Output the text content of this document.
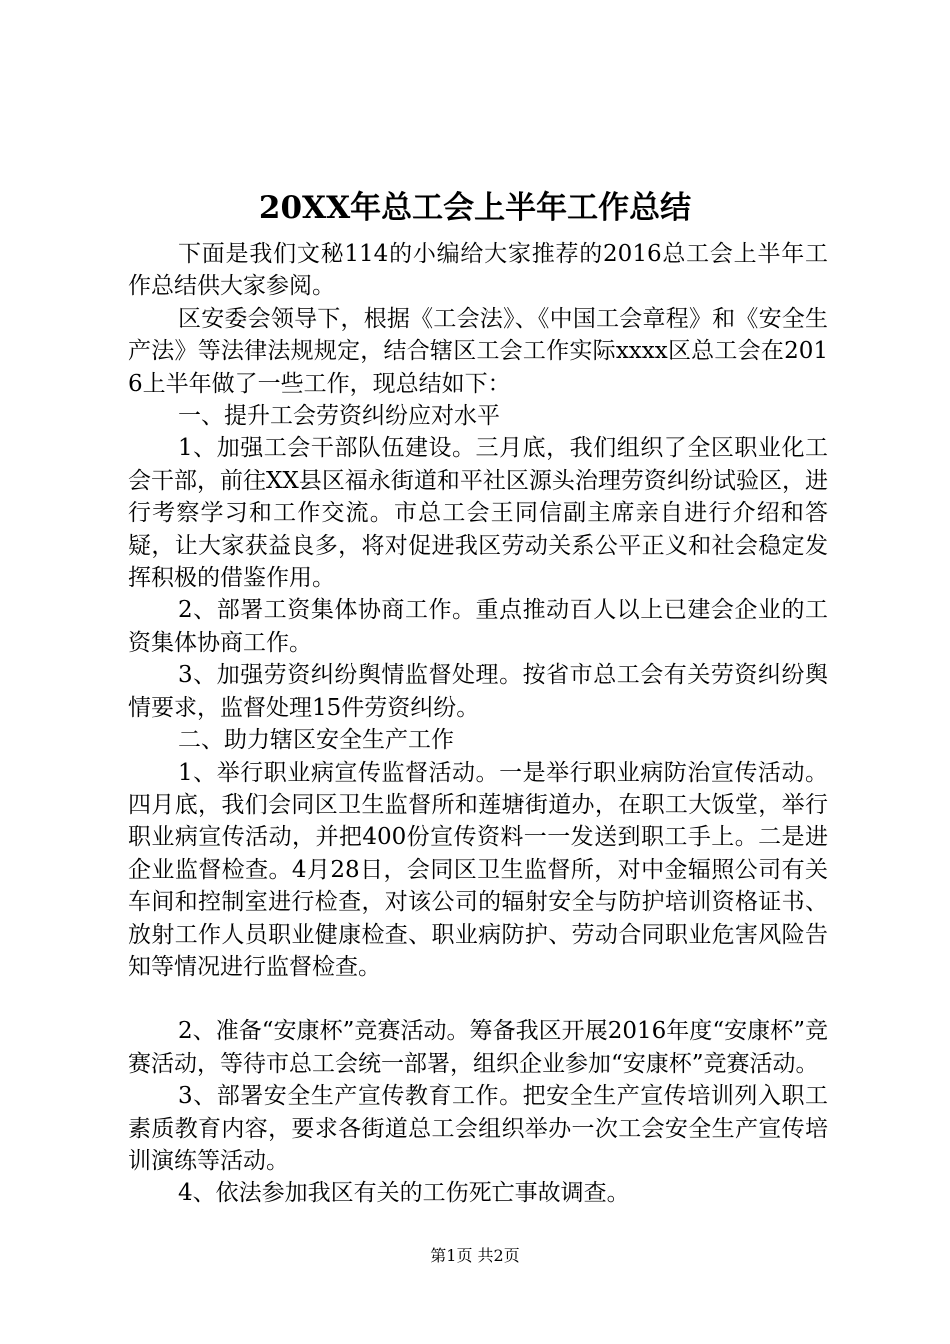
20XX年总工会上半年工作总结

下面是我们文秘114的小编给大家推荐的2016总工会上半年工作总结供大家参阅。

区安委会领导下，根据《工会法》、《中国工会章程》和《安全生产法》等法律法规规定，结合辖区工会工作实际xxxx区总工会在2016上半年做了一些工作，现总结如下：

一、提升工会劳资纠纷应对水平

1、加强工会干部队伍建设。三月底，我们组织了全区职业化工会干部，前往XX县区福永街道和平社区源头治理劳资纠纷试验区，进行考察学习和工作交流。市总工会王同信副主席亲自进行介绍和答疑，让大家获益良多，将对促进我区劳动关系公平正义和社会稳定发挥积极的借鉴作用。

2、部署工资集体协商工作。重点推动百人以上已建会企业的工资集体协商工作。

3、加强劳资纠纷舆情监督处理。按省市总工会有关劳资纠纷舆情要求，监督处理15件劳资纠纷。

二、助力辖区安全生产工作

1、举行职业病宣传监督活动。一是举行职业病防治宣传活动。四月底，我们会同区卫生监督所和莲塘街道办，在职工大饭堂，举行职业病宣传活动，并把400份宣传资料一一发送到职工手上。二是进企业监督检查。4月28日，会同区卫生监督所，对中金辐照公司有关车间和控制室进行检查，对该公司的辐射安全与防护培训资格证书、放射工作人员职业健康检查、职业病防护、劳动合同职业危害风险告知等情况进行监督检查。

2、准备“安康杯”竞赛活动。筹备我区开展2016年度“安康杯”竞赛活动，等待市总工会统一部署，组织企业参加“安康杯”竞赛活动。

3、部署安全生产宣传教育工作。把安全生产宣传培训列入职工素质教育内容，要求各街道总工会组织举办一次工会安全生产宣传培训演练等活动。

4、依法参加我区有关的工伤死亡事故调查。

第1页 共2页
